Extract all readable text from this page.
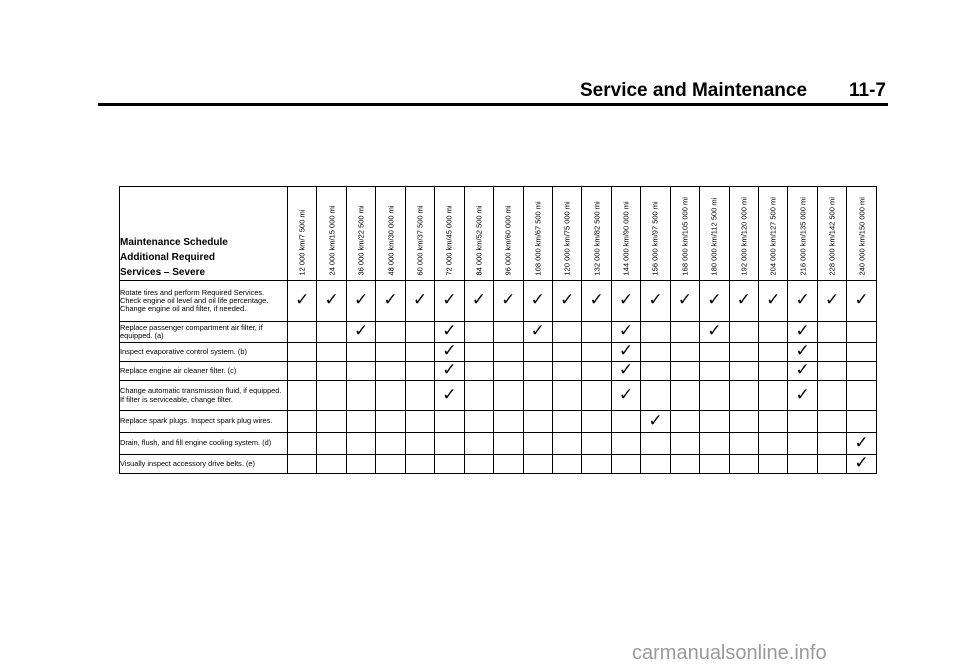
Service and Maintenance 11-7
Maintenance Schedule
Additional Required
Services – Severe	12 000 km/7 500 mi	24 000 km/15 000 mi	36 000 km/22 500 mi	48 000 km/30 000 mi	60 000 km/37 500 mi	72 000 km/45 000 mi	84 000 km/52 500 mi	96 000 km/60 000 mi	108 000 km/67 500 mi	120 000 km/75 000 mi	132 000 km/82 500 mi	144 000 km/90 000 mi	156 000 km/97 500 mi	168 000 km/105 000 mi	180 000 km/112 500 mi	192 000 km/120 000 mi	204 000 km/127 500 mi	216 000 km/135 000 mi	228 000 km/142 500 mi	240 000 km/150 000 mi

Rotate tires and perform Required Services. Check engine oil level and oil life percentage. Change engine oil and filter, if needed.	✓	✓	✓	✓	✓	✓	✓	✓	✓	✓	✓	✓	✓	✓	✓	✓	✓	✓	✓	✓
Replace passenger compartment air filter, if equipped. (a)			✓			✓			✓			✓			✓			✓		
Inspect evaporative control system. (b)						✓						✓						✓		
Replace engine air cleaner filter. (c)						✓						✓						✓		
Change automatic transmission fluid, if equipped. If filter is serviceable, change filter.						✓						✓						✓		
Replace spark plugs. Inspect spark plug wires.													✓							
Drain, flush, and fill engine cooling system. (d)																				✓
Visually inspect accessory drive belts. (e)																				✓
carmanualsonline.info
